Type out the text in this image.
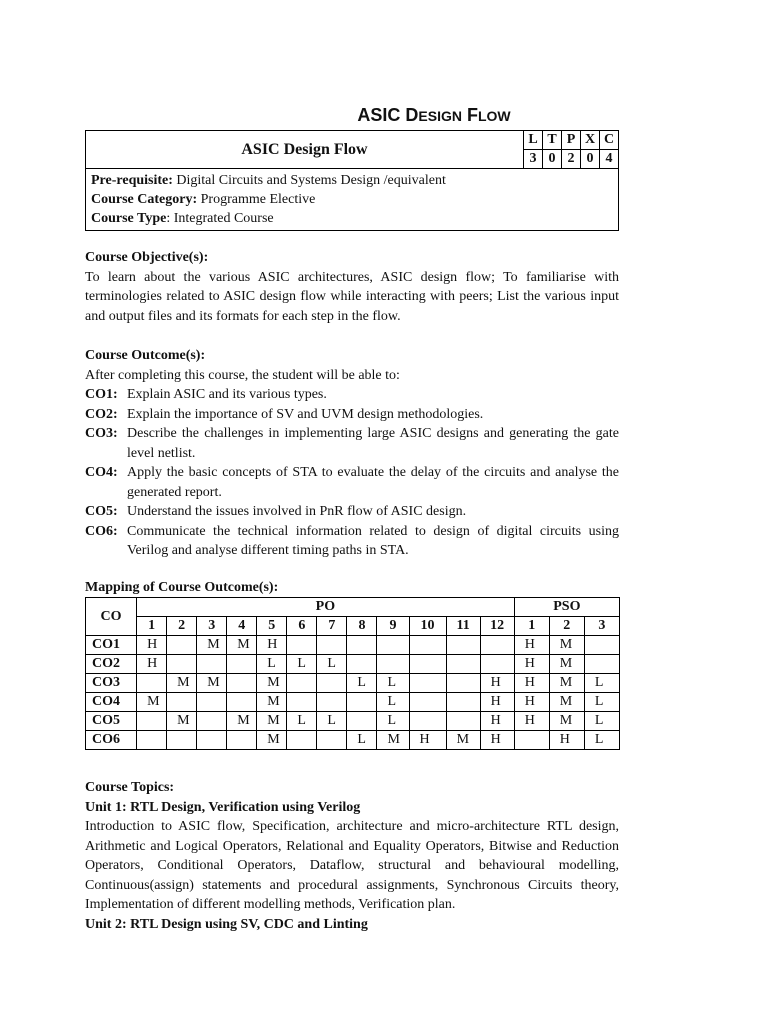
ASIC DESIGN FLOW
ASIC Design Flow	L	T	P	X	C
	3	0	2	0	4

Pre-requisite: Digital Circuits and Systems Design /equivalent
Course Category: Programme Elective
Course Type: Integrated Course					
Course Objective(s):
To learn about the various ASIC architectures, ASIC design flow; To familiarise with terminologies related to ASIC design flow while interacting with peers; List the various input and output files and its formats for each step in the flow.
Course Outcome(s):
After completing this course, the student will be able to:
CO1: Explain ASIC and its various types.
CO2: Explain the importance of SV and UVM design methodologies.
CO3: Describe the challenges in implementing large ASIC designs and generating the gate level netlist.
CO4: Apply the basic concepts of STA to evaluate the delay of the circuits and analyse the generated report.
CO5: Understand the issues involved in PnR flow of ASIC design.
CO6: Communicate the technical information related to design of digital circuits using Verilog and analyse different timing paths in STA.
Mapping of Course Outcome(s):
CO	PO												PSO		
	1	2	3	4	5	6	7	8	9	10	11	12	1	2	3
CO1	H		M	M	H								H	M	
CO2	H				L	L	L						H	M	
CO3		M	M		M			L	L			H	H	M	L
CO4	M				M				L			H	H	M	L
CO5		M		M	M	L	L		L			H	H	M	L
CO6					M			L	M	H	M	H		H	L
Course Topics:
Unit 1: RTL Design, Verification using Verilog
Introduction to ASIC flow, Specification, architecture and micro-architecture RTL design, Arithmetic and Logical Operators, Relational and Equality Operators, Bitwise and Reduction Operators, Conditional Operators, Dataflow, structural and behavioural modelling, Continuous(assign) statements and procedural assignments, Synchronous Circuits theory, Implementation of different modelling methods, Verification plan.
Unit 2: RTL Design using SV, CDC and Linting
